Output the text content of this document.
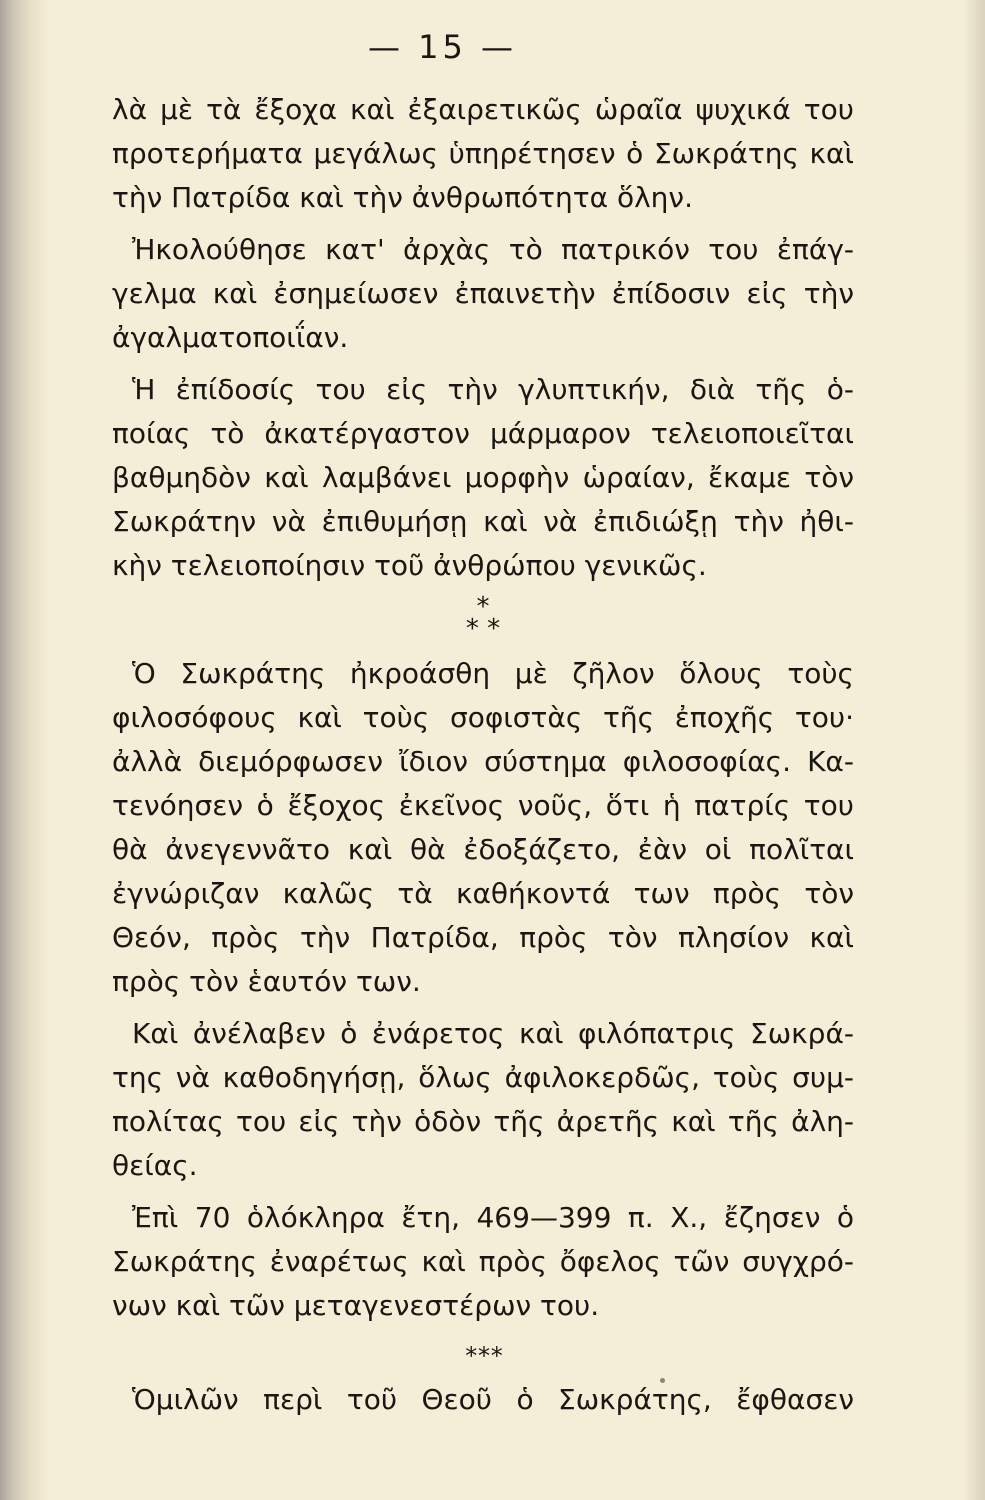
— 15 —
λὰ μὲ τὰ ἔξοχα καὶ ἐξαιρετικῶς ὡραῖα ψυχικά του
προτερήματα μεγάλως ὑπηρέτησεν ὁ Σωκράτης καὶ
τὴν Πατρίδα καὶ τὴν ἀνθρωπότητα ὅλην.
Ἠκολούθησε κατ' ἀρχὰς τὸ πατρικόν του ἐπάγ-
γελμα καὶ ἐσημείωσεν ἐπαινετὴν ἐπίδοσιν εἰς τὴν
ἀγαλματοποιΐαν.
Ἡ ἐπίδοσίς του εἰς τὴν γλυπτικήν, διὰ τῆς ὁ-
ποίας τὸ ἀκατέργαστον μάρμαρον τελειοποιεῖται
βαθμηδὸν καὶ λαμβάνει μορφὴν ὡραίαν, ἔκαμε τὸν
Σωκράτην νὰ ἐπιθυμήσῃ καὶ νὰ ἐπιδιώξῃ τὴν ἠθι-
κὴν τελειοποίησιν τοῦ ἀνθρώπου γενικῶς.
*
* *
Ὁ Σωκράτης ἠκροάσθη μὲ ζῆλον ὅλους τοὺς
φιλοσόφους καὶ τοὺς σοφιστὰς τῆς ἐποχῆς του·
ἀλλὰ διεμόρφωσεν ἴδιον σύστημα φιλοσοφίας. Κα-
τενόησεν ὁ ἔξοχος ἐκεῖνος νοῦς, ὅτι ἡ πατρίς του
θὰ ἀνεγεννᾶτο καὶ θὰ ἐδοξάζετο, ἐὰν οἱ πολῖται
ἐγνώριζαν καλῶς τὰ καθήκοντά των πρὸς τὸν
Θεόν, πρὸς τὴν Πατρίδα, πρὸς τὸν πλησίον καὶ
πρὸς τὸν ἑαυτόν των.
Καὶ ἀνέλαβεν ὁ ἐνάρετος καὶ φιλόπατρις Σωκρά-
της νὰ καθοδηγήσῃ, ὅλως ἀφιλοκερδῶς, τοὺς συμ-
πολίτας του εἰς τὴν ὁδὸν τῆς ἀρετῆς καὶ τῆς ἀλη-
θείας.
Ἐπὶ 70 ὁλόκληρα ἔτη, 469—399 π. Χ., ἔζησεν ὁ
Σωκράτης ἐναρέτως καὶ πρὸς ὄφελος τῶν συγχρό-
νων καὶ τῶν μεταγενεστέρων του.
* * *
Ὁμιλῶν περὶ τοῦ Θεοῦ ὁ Σωκράτης, ἔφθασεν
